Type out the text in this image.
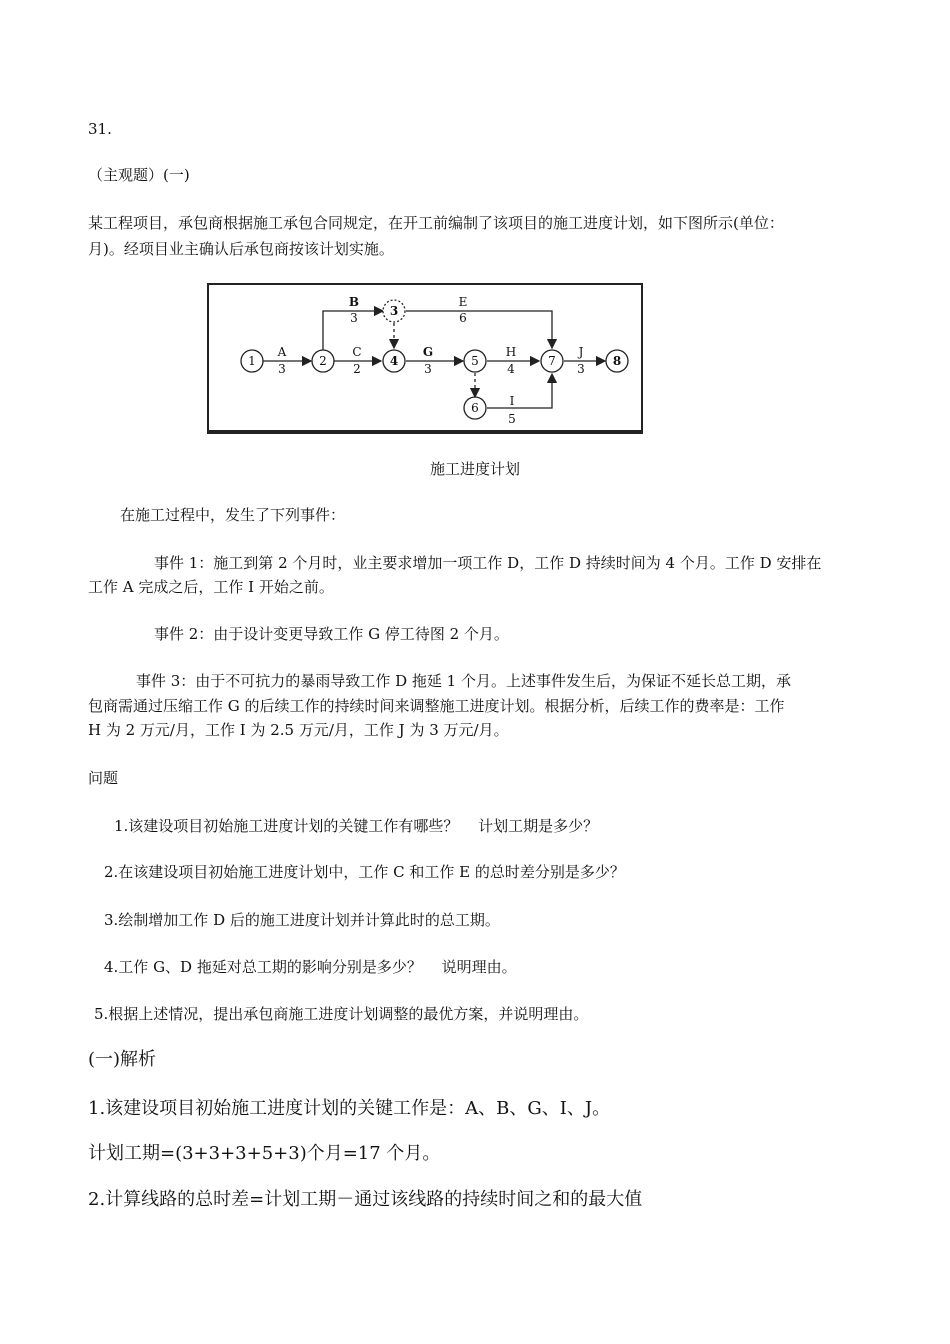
31.
（主观题）(一)
某工程项目，承包商根据施工承包合同规定，在开工前编制了该项目的施工进度计划，如下图所示(单位：
月)。经项目业主确认后承包商按该计划实施。
A
3
B
3
C
2
E
6
G
3
H
4
I
5
J
3
1	2
3
4	5
6
7	8
施工进度计划
在施工过程中，发生了下列事件：
事件 1：施工到第 2 个月时，业主要求增加一项工作 D，工作 D 持续时间为 4 个月。工作 D 安排在
工作 A 完成之后，工作 I 开始之前。
事件 2：由于设计变更导致工作 G 停工待图 2 个月。
事件 3：由于不可抗力的暴雨导致工作 D 拖延 1 个月。上述事件发生后，为保证不延长总工期，承
包商需通过压缩工作 G 的后续工作的持续时间来调整施工进度计划。根据分析，后续工作的费率是：工作
H 为 2 万元/月，工作 I 为 2.5 万元/月，工作 J 为 3 万元/月。
问题
1.该建设项目初始施工进度计划的关键工作有哪些？　 计划工期是多少？
2.在该建设项目初始施工进度计划中，工作 C 和工作 E 的总时差分别是多少？
3.绘制增加工作 D 后的施工进度计划并计算此时的总工期。
4.工作 G、D 拖延对总工期的影响分别是多少？　 说明理由。
5.根据上述情况，提出承包商施工进度计划调整的最优方案，并说明理由。
(一)解析
1.该建设项目初始施工进度计划的关键工作是：A、B、G、I、J。
计划工期=(3+3+3+5+3)个月=17 个月。
2.计算线路的总时差=计划工期－通过该线路的持续时间之和的最大值
